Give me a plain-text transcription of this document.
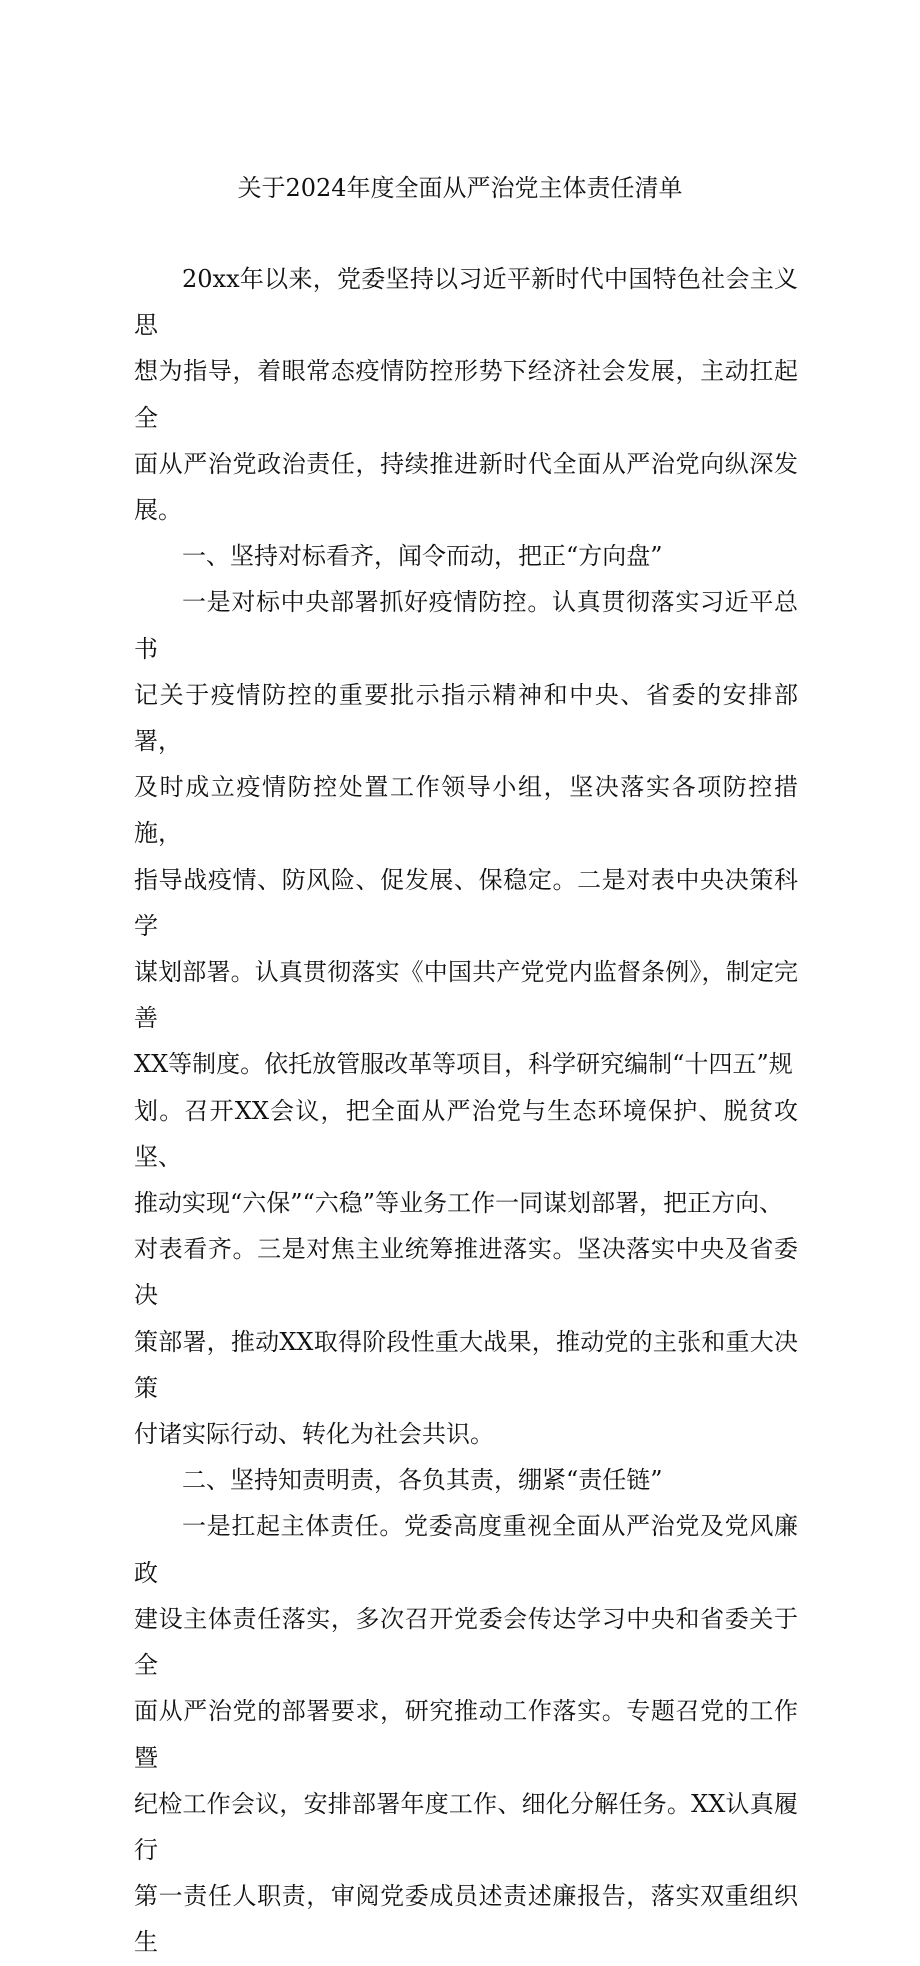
关于2024年度全面从严治党主体责任清单

20xx年以来，党委坚持以习近平新时代中国特色社会主义思
想为指导，着眼常态疫情防控形势下经济社会发展，主动扛起全
面从严治党政治责任，持续推进新时代全面从严治党向纵深发展。

一、坚持对标看齐，闻令而动，把正“方向盘”

一是对标中央部署抓好疫情防控。认真贯彻落实习近平总书
记关于疫情防控的重要批示指示精神和中央、省委的安排部署，
及时成立疫情防控处置工作领导小组，坚决落实各项防控措施，
指导战疫情、防风险、促发展、保稳定。二是对表中央决策科学
谋划部署。认真贯彻落实《中国共产党党内监督条例》，制定完善
XX等制度。依托放管服改革等项目，科学研究编制“十四五”规
划。召开XX会议，把全面从严治党与生态环境保护、脱贫攻坚、
推动实现“六保”“六稳”等业务工作一同谋划部署，把正方向、
对表看齐。三是对焦主业统筹推进落实。坚决落实中央及省委决
策部署，推动XX取得阶段性重大战果，推动党的主张和重大决策
付诸实际行动、转化为社会共识。

二、坚持知责明责，各负其责，绷紧“责任链”

一是扛起主体责任。党委高度重视全面从严治党及党风廉政
建设主体责任落实，多次召开党委会传达学习中央和省委关于全
面从严治党的部署要求，研究推动工作落实。专题召党的工作暨
纪检工作会议，安排部署年度工作、细化分解任务。XX认真履行
第一责任人职责，审阅党委成员述责述廉报告，落实双重组织生
